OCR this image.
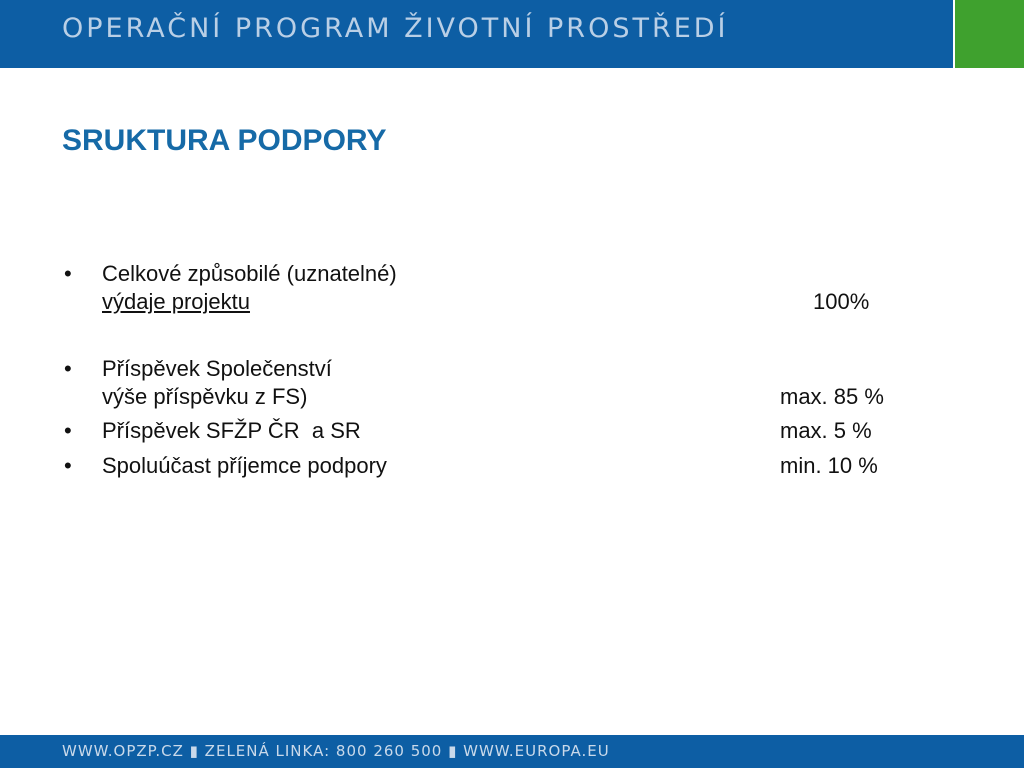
OPERAČNÍ PROGRAM ŽIVOTNÍ PROSTŘEDÍ
SRUKTURA PODPORY
• Celkové způsobilé (uznatelné)
výdaje projektu	100%
• Příspěvek Společenství
výše příspěvku z FS)	max. 85 %
• Příspěvek SFŽP ČR  a SR	max. 5 %
• Spoluúčast příjemce podpory	min. 10 %
WWW.OPZP.CZ ▮ ZELENÁ LINKA: 800 260 500 ▮ WWW.EUROPA.EU
